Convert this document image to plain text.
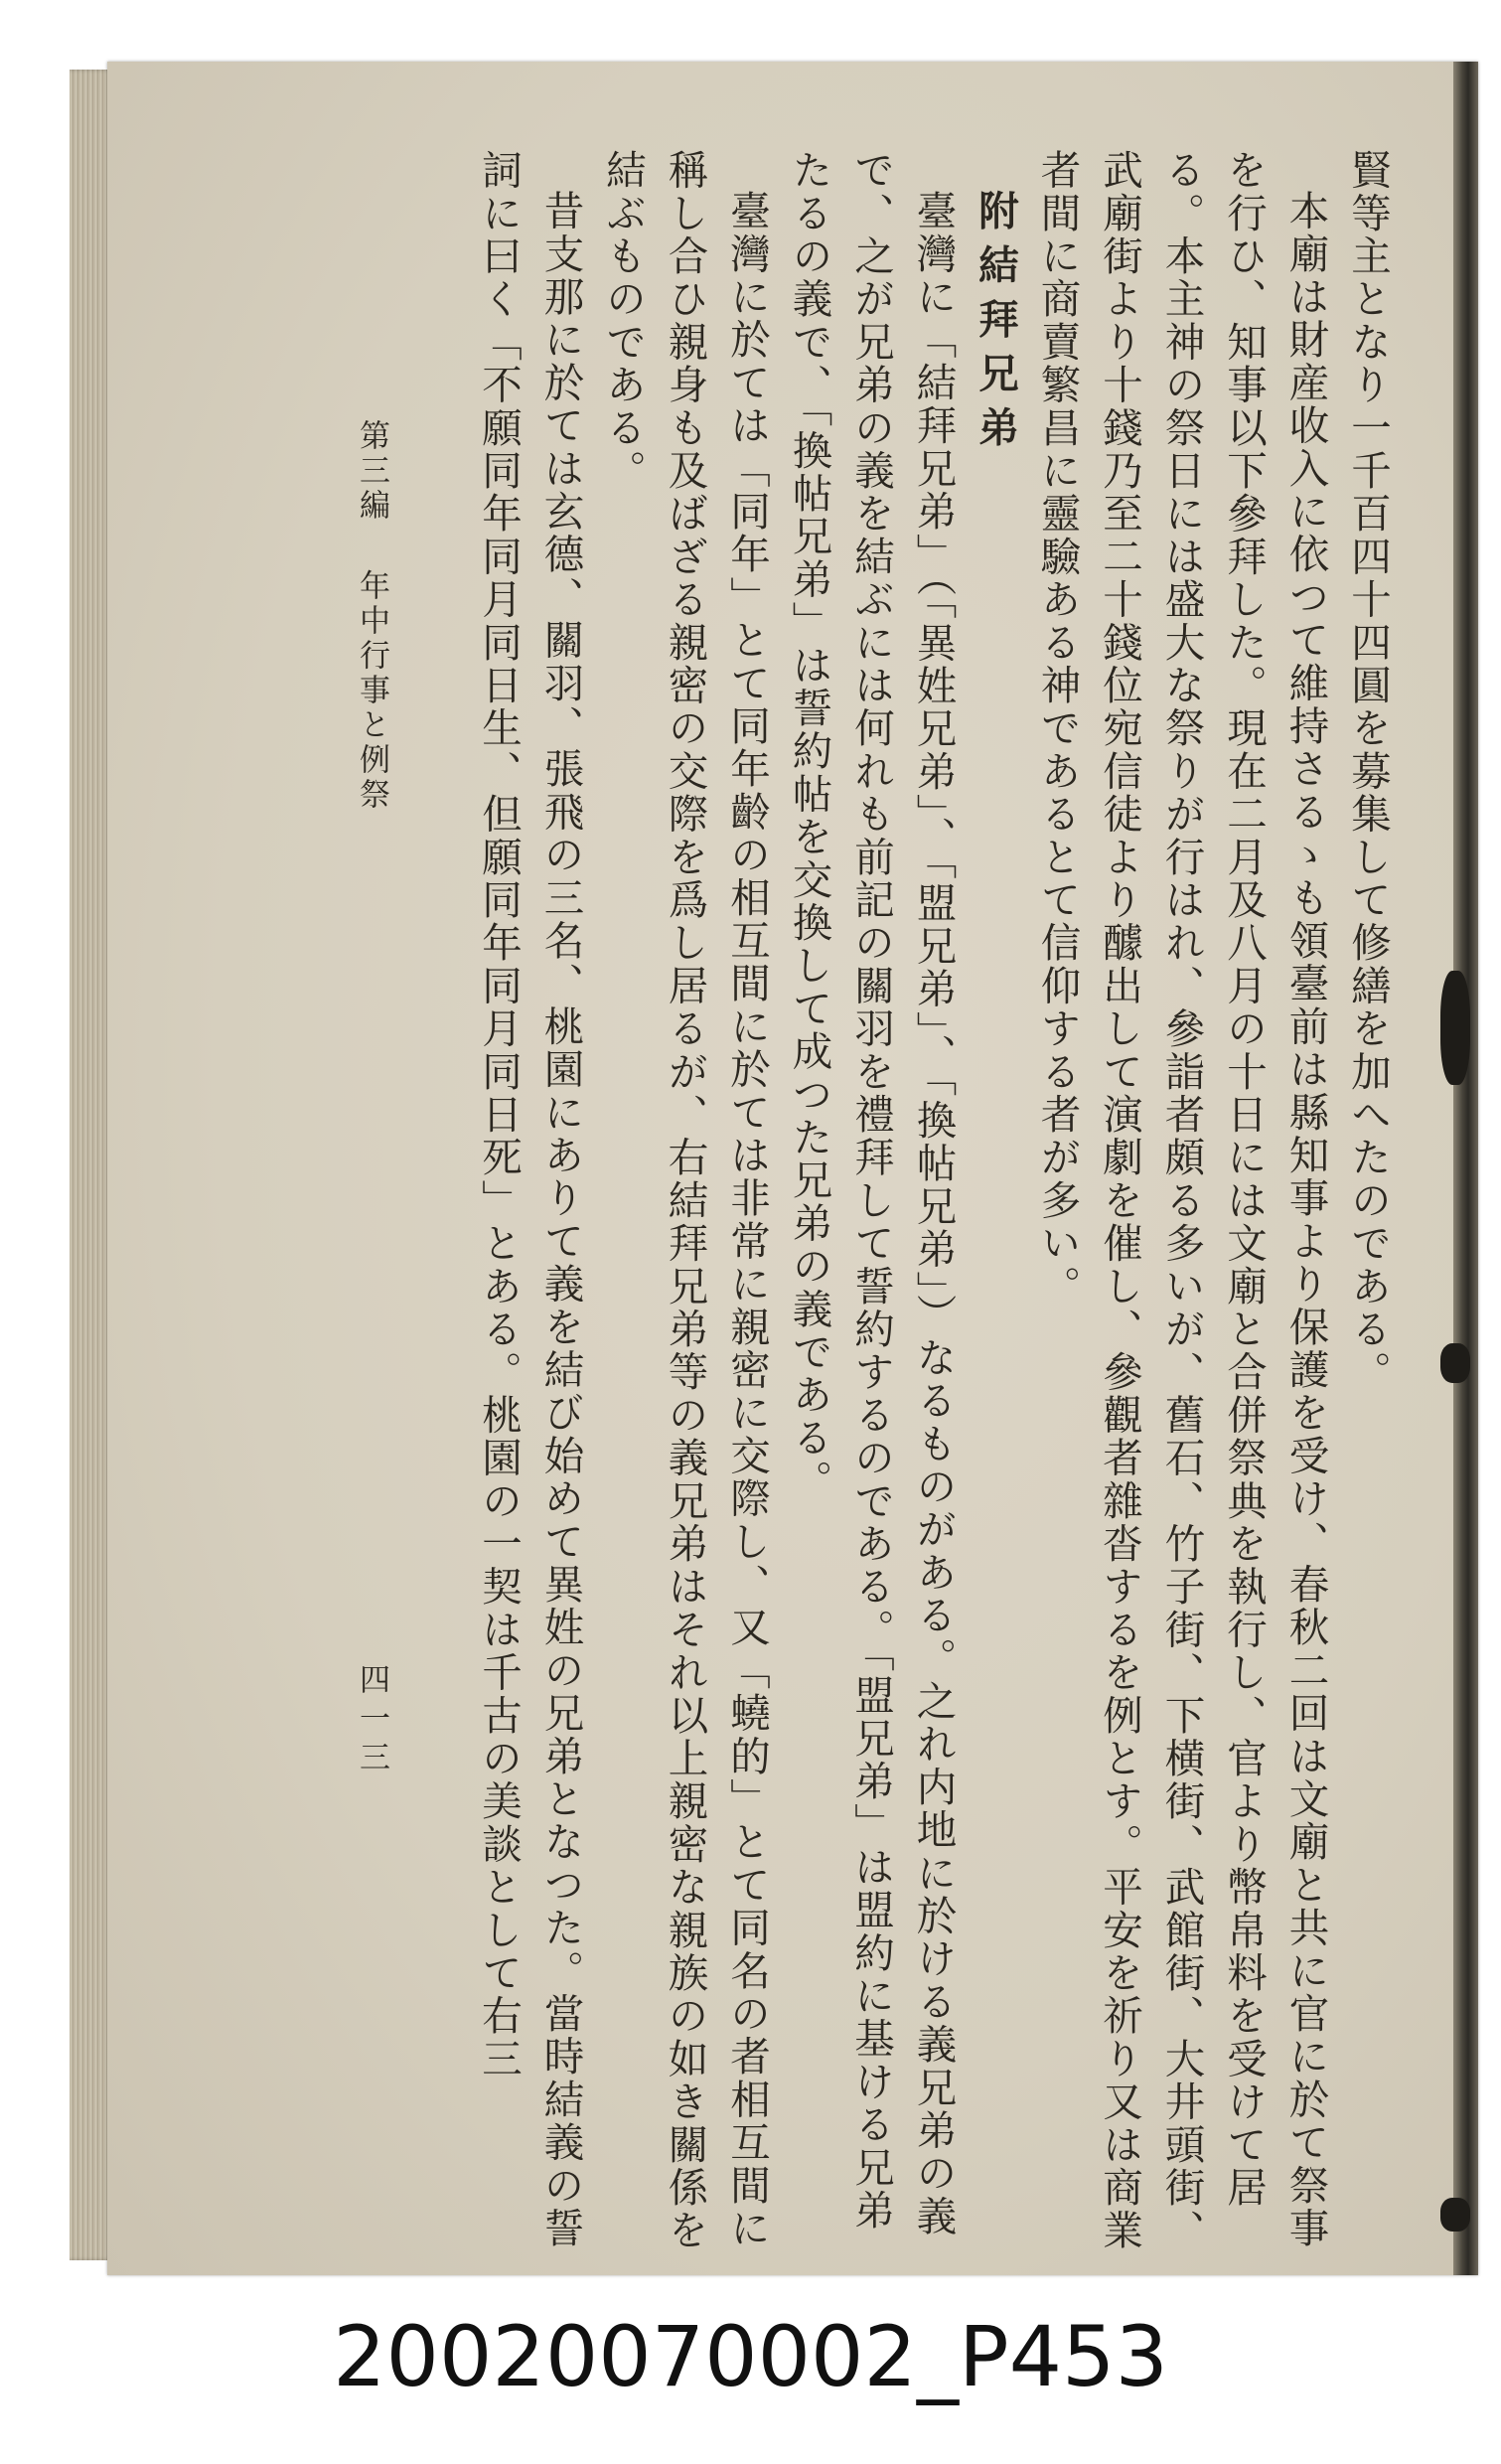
賢等主となり一千百四十四圓を募集して修繕を加へたのである。

本廟は財産收入に依つて維持さるゝも領臺前は縣知事より保護を受け、春秋二回は文廟と共に官に於て祭事を行ひ、知事以下參拜した。現在二月及八月の十日には文廟と合併祭典を執行し、官より幣帛料を受けて居る。本主神の祭日には盛大な祭りが行はれ、參詣者頗る多いが、舊石、竹子街、下横街、武館街、大井頭街、武廟街より十錢乃至二十錢位宛信徒より醵出して演劇を催し、參觀者雜沓するを例とす。平安を祈り又は商業者間に商賣繁昌に靈驗ある神であるとて信仰する者が多い。

附結拜兄弟

臺灣に「結拜兄弟」（「異姓兄弟」、「盟兄弟」、「換帖兄弟」）なるものがある。之れ内地に於ける義兄弟の義で、之が兄弟の義を結ぶには何れも前記の關羽を禮拜して誓約するのである。「盟兄弟」は盟約に基ける兄弟たるの義で、「換帖兄弟」は誓約帖を交換して成つた兄弟の義である。

臺灣に於ては「同年」とて同年齡の相互間に於ては非常に親密に交際し、又「蟯的」とて同名の者相互間に稱し合ひ親身も及ばざる親密の交際を爲し居るが、右結拜兄弟等の義兄弟はそれ以上親密な親族の如き關係を結ぶものである。

昔支那に於ては玄德、關羽、張飛の三名、桃園にありて義を結び始めて異姓の兄弟となつた。當時結義の誓詞に曰く「不願同年同月同日生、但願同年同月同日死」とある。桃園の一契は千古の美談として右三

第三編年中行事と例祭
四一三
20020070002_P453
